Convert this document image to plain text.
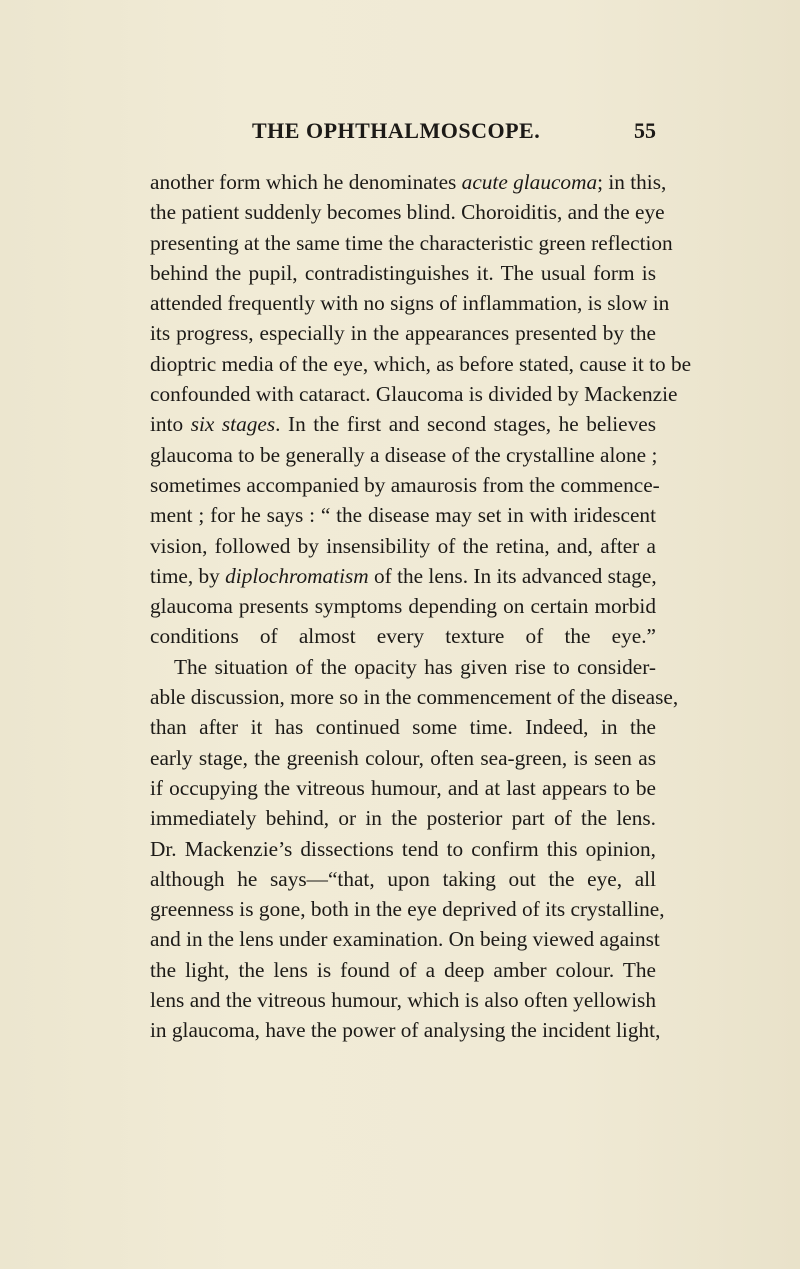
THE OPHTHALMOSCOPE.	55
another form which he denominates acute glaucoma; in this,
the patient suddenly becomes blind. Choroiditis, and the eye
presenting at the same time the characteristic green reflection
behind the pupil, contradistinguishes it. The usual form is
attended frequently with no signs of inflammation, is slow in
its progress, especially in the appearances presented by the
dioptric media of the eye, which, as before stated, cause it to be
confounded with cataract. Glaucoma is divided by Mackenzie
into six stages. In the first and second stages, he believes
glaucoma to be generally a disease of the crystalline alone ;
sometimes accompanied by amaurosis from the commence-
ment ; for he says : “ the disease may set in with iridescent
vision, followed by insensibility of the retina, and, after a
time, by diplochromatism of the lens. In its advanced stage,
glaucoma presents symptoms depending on certain morbid
conditions of almost every texture of the eye.”
The situation of the opacity has given rise to consider-
able discussion, more so in the commencement of the disease,
than after it has continued some time. Indeed, in the
early stage, the greenish colour, often sea-green, is seen as
if occupying the vitreous humour, and at last appears to be
immediately behind, or in the posterior part of the lens.
Dr. Mackenzie’s dissections tend to confirm this opinion,
although he says—“that, upon taking out the eye, all
greenness is gone, both in the eye deprived of its crystalline,
and in the lens under examination. On being viewed against
the light, the lens is found of a deep amber colour. The
lens and the vitreous humour, which is also often yellowish
in glaucoma, have the power of analysing the incident light,
